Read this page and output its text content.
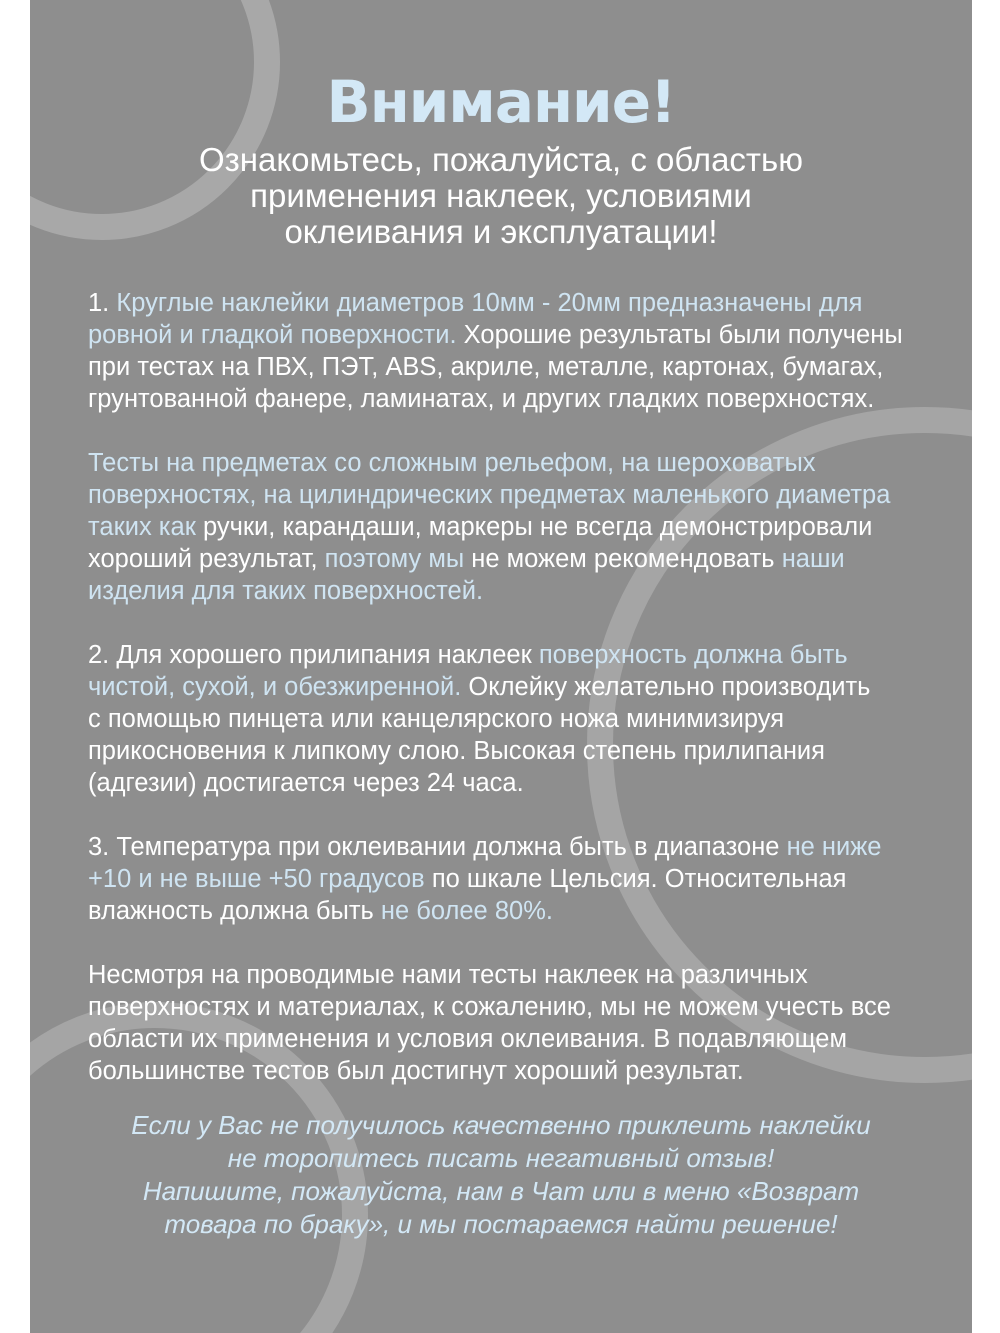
Внимание!

Ознакомьтесь, пожалуйста, с областью
применения наклеек, условиями
оклеивания и эксплуатации!

1. Круглые наклейки диаметров 10мм - 20мм предназначены для
ровной и гладкой поверхности. Хорошие результаты были получены
при тестах на ПВХ, ПЭТ, ABS, акриле, металле, картонах, бумагах,
грунтованной фанере, ламинатах, и других гладких поверхностях.

Тесты на предметах со сложным рельефом, на шероховатых
поверхностях, на цилиндрических предметах маленького диаметра
таких как ручки, карандаши, маркеры не всегда демонстрировали
хороший результат, поэтому мы не можем рекомендовать наши
изделия для таких поверхностей.

2. Для хорошего прилипания наклеек поверхность должна быть
чистой, сухой, и обезжиренной. Оклейку желательно производить
с помощью пинцета или канцелярского ножа минимизируя
прикосновения к липкому слою. Высокая степень прилипания
(адгезии) достигается через 24 часа.

3. Температура при оклеивании должна быть в диапазоне не ниже
+10 и не выше +50 градусов по шкале Цельсия. Относительная
влажность должна быть не более 80%.

Несмотря на проводимые нами тесты наклеек на различных
поверхностях и материалах, к сожалению, мы не можем учесть все
области их применения и условия оклеивания. В подавляющем
большинстве тестов был достигнут хороший результат.

Если у Вас не получилось качественно приклеить наклейки
не торопитесь писать негативный отзыв!
Напишите, пожалуйста, нам в Чат или в меню «Возврат
товара по браку», и мы постараемся найти решение!
